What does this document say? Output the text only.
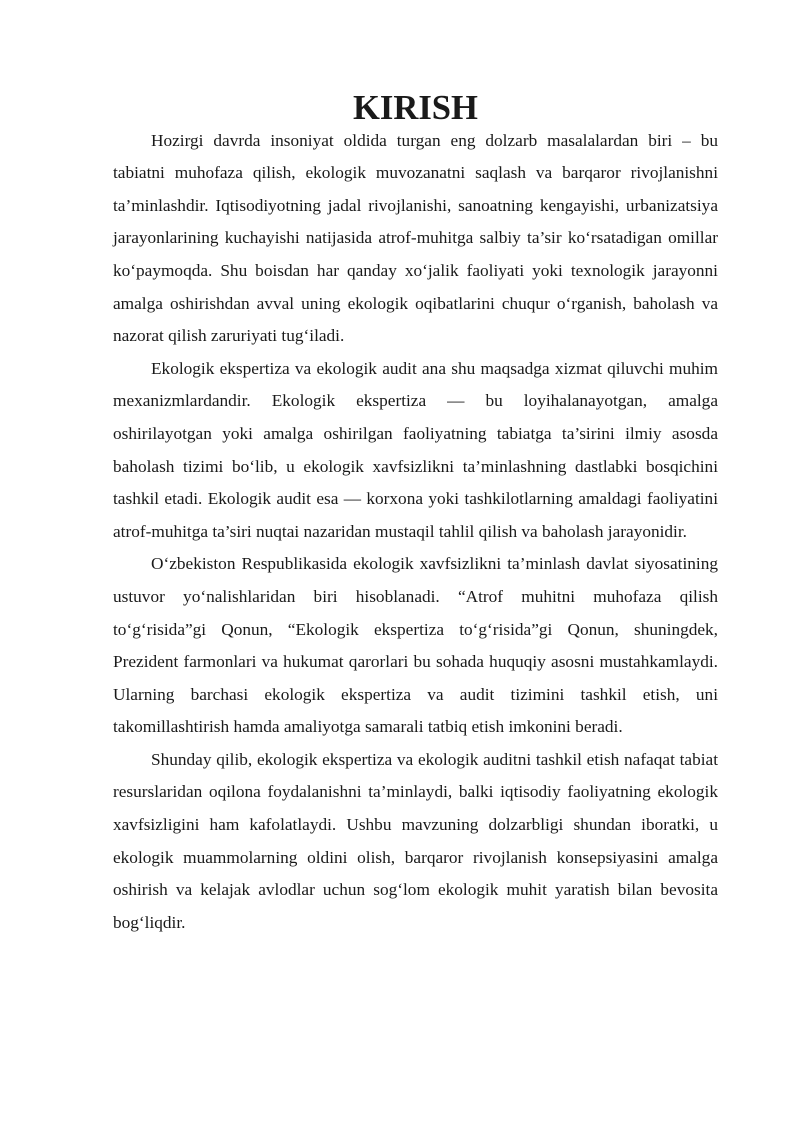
KIRISH

Hozirgi davrda insoniyat oldida turgan eng dolzarb masalalardan biri – bu tabiatni muhofaza qilish, ekologik muvozanatni saqlash va barqaror rivojlanishni ta’minlashdir. Iqtisodiyotning jadal rivojlanishi, sanoatning kengayishi, urbanizatsiya jarayonlarining kuchayishi natijasida atrof-muhitga salbiy ta’sir ko‘rsatadigan omillar ko‘paymoqda. Shu boisdan har qanday xo‘jalik faoliyati yoki texnologik jarayonni amalga oshirishdan avval uning ekologik oqibatlarini chuqur o‘rganish, baholash va nazorat qilish zaruriyati tug‘iladi.

Ekologik ekspertiza va ekologik audit ana shu maqsadga xizmat qiluvchi muhim mexanizmlardandir. Ekologik ekspertiza — bu loyihalanayotgan, amalga oshirilayotgan yoki amalga oshirilgan faoliyatning tabiatga ta’sirini ilmiy asosda baholash tizimi bo‘lib, u ekologik xavfsizlikni ta’minlashning dastlabki bosqichini tashkil etadi. Ekologik audit esa — korxona yoki tashkilotlarning amaldagi faoliyatini atrof-muhitga ta’siri nuqtai nazaridan mustaqil tahlil qilish va baholash jarayonidir.

O‘zbekiston Respublikasida ekologik xavfsizlikni ta’minlash davlat siyosatining ustuvor yo‘nalishlaridan biri hisoblanadi. “Atrof muhitni muhofaza qilish to‘g‘risida”gi Qonun, “Ekologik ekspertiza to‘g‘risida”gi Qonun, shuningdek, Prezident farmonlari va hukumat qarorlari bu sohada huquqiy asosni mustahkamlaydi. Ularning barchasi ekologik ekspertiza va audit tizimini tashkil etish, uni takomillashtirish hamda amaliyotga samarali tatbiq etish imkonini beradi.

Shunday qilib, ekologik ekspertiza va ekologik auditni tashkil etish nafaqat tabiat resurslaridan oqilona foydalanishni ta’minlaydi, balki iqtisodiy faoliyatning ekologik xavfsizligini ham kafolatlaydi. Ushbu mavzuning dolzarbligi shundan iboratki, u ekologik muammolarning oldini olish, barqaror rivojlanish konsepsiyasini amalga oshirish va kelajak avlodlar uchun sog‘lom ekologik muhit yaratish bilan bevosita bog‘liqdir.
